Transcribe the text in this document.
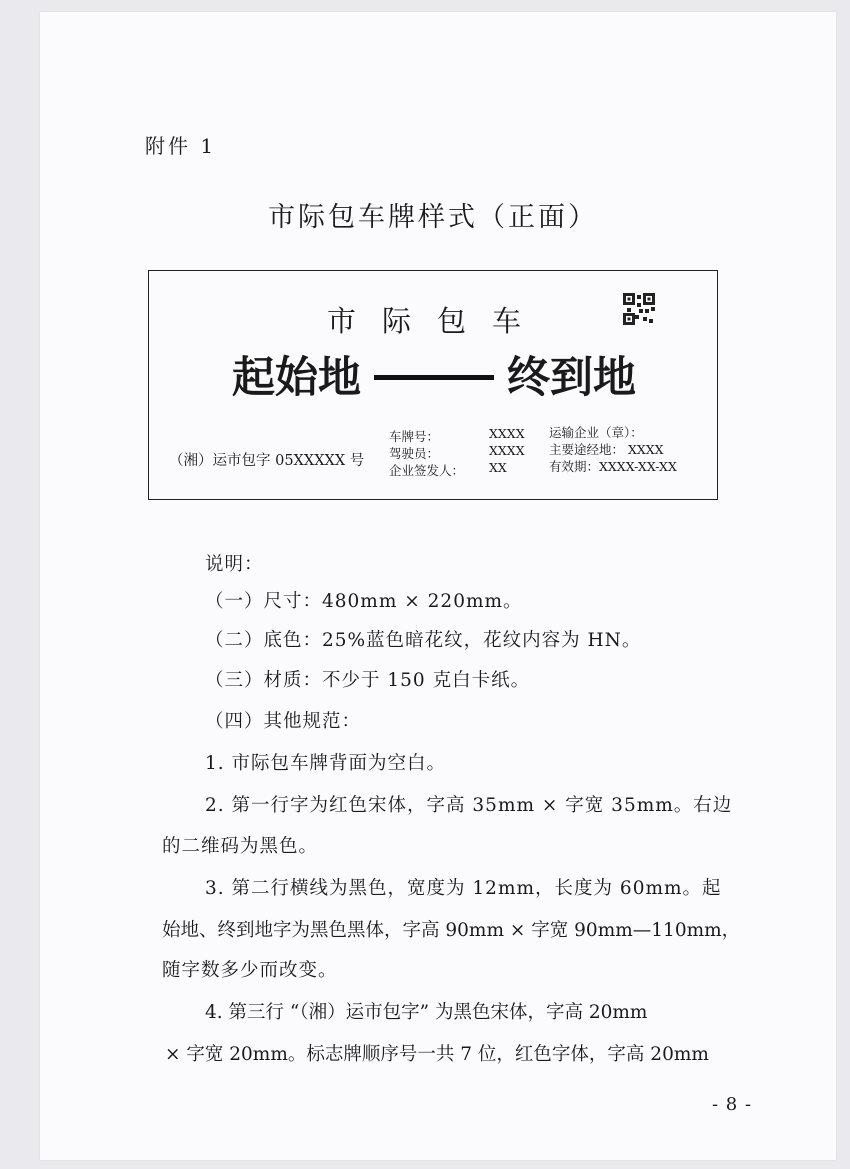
附件 1
市际包车牌样式（正面）
市际包车
起始地	终到地
（湘）运市包字 05XXXXX 号
车牌号：
驾驶员：
企业签发人：
XXXX
XXXX
XX
运输企业（章）：
主要途经地： XXXX
有效期：XXXX-XX-XX
说明：
（一）尺寸：480mm × 220mm。
（二）底色：25%蓝色暗花纹，花纹内容为 HN。
（三）材质：不少于 150 克白卡纸。
（四）其他规范：
1. 市际包车牌背面为空白。
2. 第一行字为红色宋体，字高 35mm × 字宽 35mm。右边
的二维码为黑色。
3. 第二行横线为黑色，宽度为 12mm，长度为 60mm。起
始地、终到地字为黑色黑体，字高 90mm × 字宽 90mm—110mm，
随字数多少而改变。
4. 第三行 “（湘）运市包字” 为黑色宋体，字高 20mm
× 字宽 20mm。标志牌顺序号一共 7 位，红色字体，字高 20mm
- 8 -
